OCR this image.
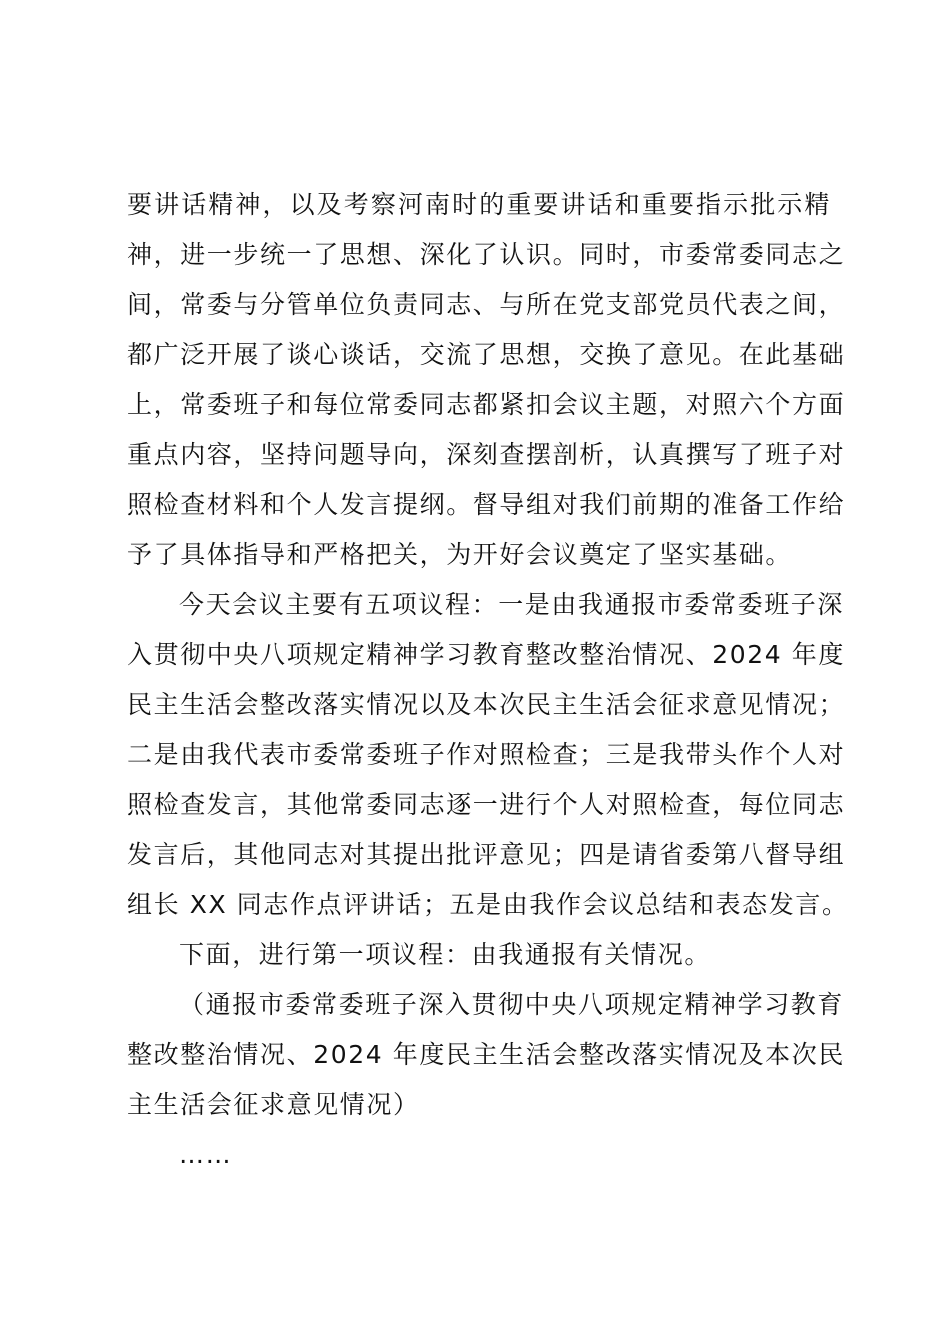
要讲话精神，以及考察河南时的重要讲话和重要指示批示精
神，进一步统一了思想、深化了认识。同时，市委常委同志之
间，常委与分管单位负责同志、与所在党支部党员代表之间，
都广泛开展了谈心谈话，交流了思想，交换了意见。在此基础
上，常委班子和每位常委同志都紧扣会议主题，对照六个方面
重点内容，坚持问题导向，深刻查摆剖析，认真撰写了班子对
照检查材料和个人发言提纲。督导组对我们前期的准备工作给
予了具体指导和严格把关，为开好会议奠定了坚实基础。
今天会议主要有五项议程：一是由我通报市委常委班子深
入贯彻中央八项规定精神学习教育整改整治情况、2024 年度
民主生活会整改落实情况以及本次民主生活会征求意见情况；
二是由我代表市委常委班子作对照检查；三是我带头作个人对
照检查发言，其他常委同志逐一进行个人对照检查，每位同志
发言后，其他同志对其提出批评意见；四是请省委第八督导组
组长 XX 同志作点评讲话；五是由我作会议总结和表态发言。
下面，进行第一项议程：由我通报有关情况。
（通报市委常委班子深入贯彻中央八项规定精神学习教育
整改整治情况、2024 年度民主生活会整改落实情况及本次民
主生活会征求意见情况）
……
